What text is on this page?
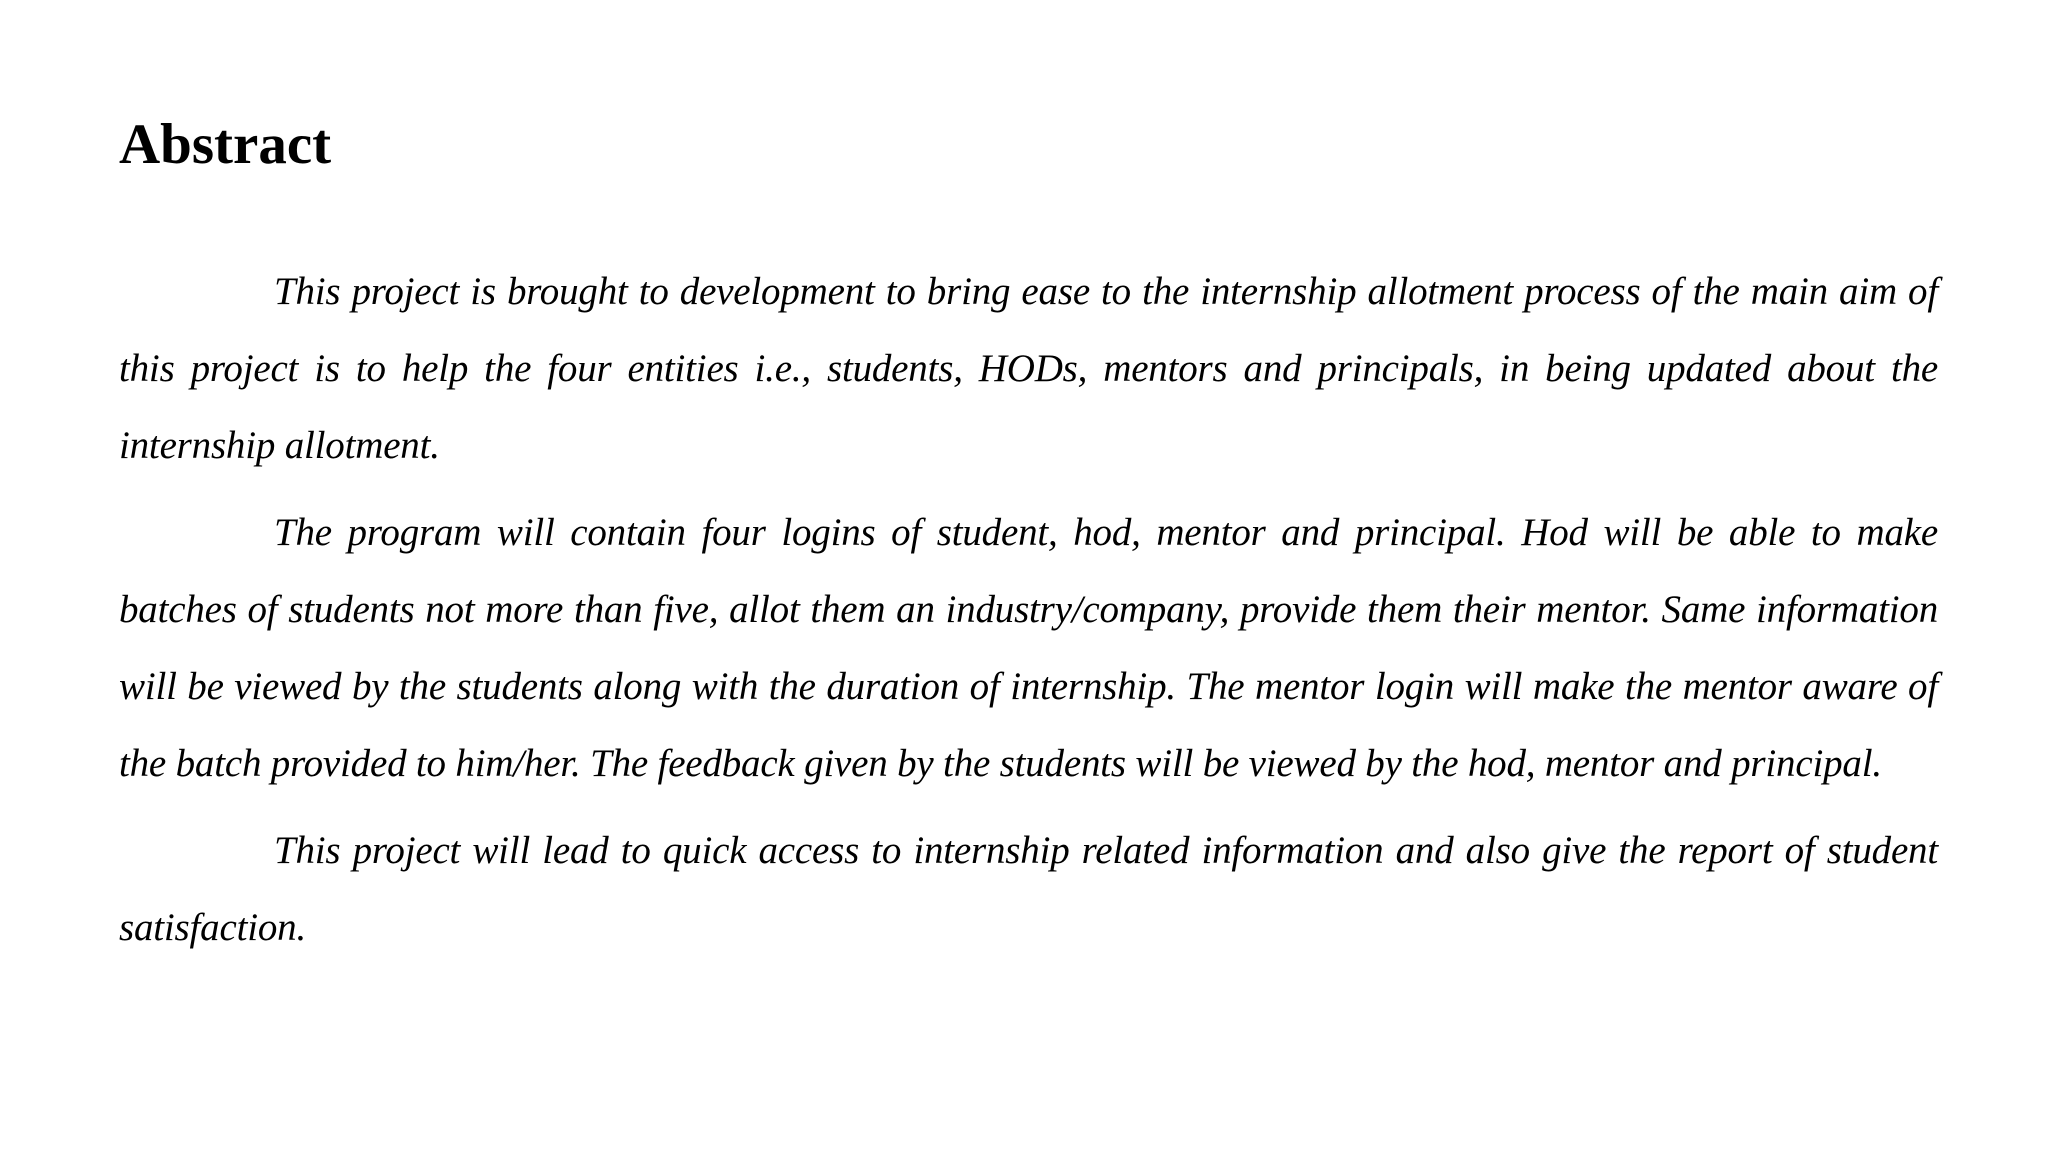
Abstract

This project is brought to development to bring ease to the internship allotment process of the main aim of this project is to help the four entities i.e., students, HODs, mentors and principals, in being updated about the internship allotment.

The program will contain four logins of student, hod, mentor and principal. Hod will be able to make batches of students not more than five, allot them an industry/company, provide them their mentor. Same information will be viewed by the students along with the duration of internship. The mentor login will make the mentor aware of the batch provided to him/her. The feedback given by the students will be viewed by the hod, mentor and principal.

This project will lead to quick access to internship related information and also give the report of student satisfaction.
